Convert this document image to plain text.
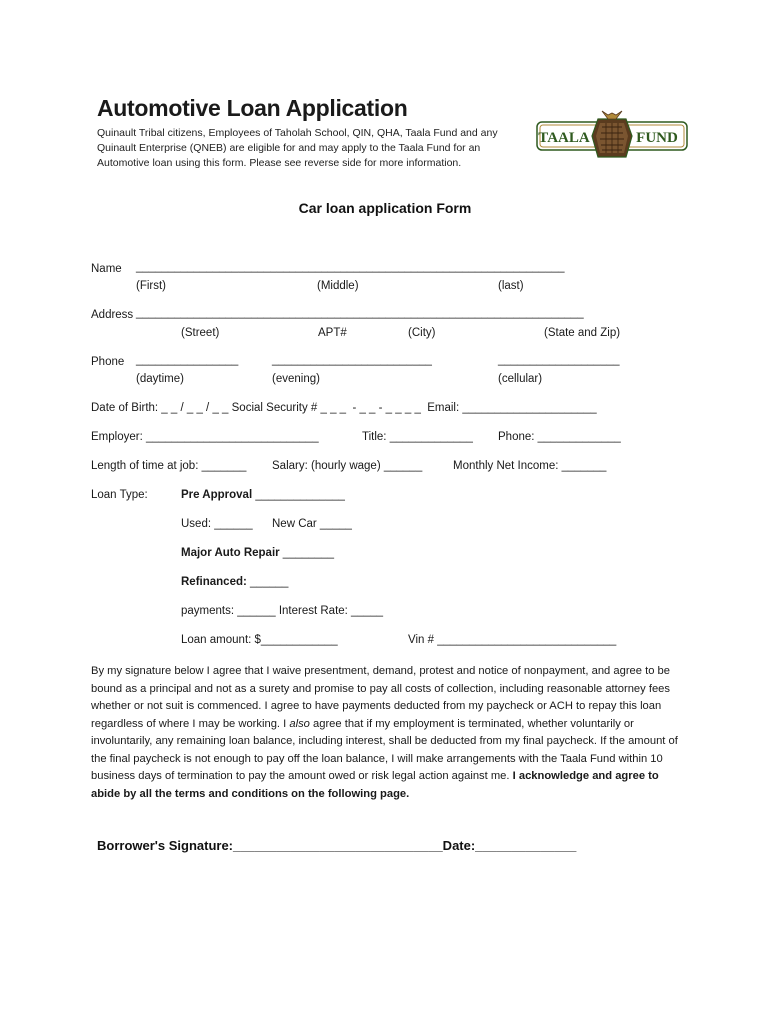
Automotive Loan Application
Quinault Tribal citizens, Employees of Taholah School, QIN, QHA, Taala Fund and any Quinault Enterprise (QNEB) are eligible for and may apply to the Taala Fund for an Automotive loan using this form. Please see reverse side for more information.

TAALA	FUND

Car loan application Form
Name ___________________________________________________________________
(First)	(Middle)	(last)
Address ______________________________________________________________________
(Street)	APT#	(City)	(State and Zip)
Phone ________________	_________________________	___________________
(daytime)	(evening)	(cellular)
Date of Birth: _ _ / _ _ / _ _ Social Security # _ _ _  - _ _ - _ _ _ _  Email: _____________________
Employer: ___________________________	Title: _____________ Phone: _____________
Length of time at job: _______ Salary: (hourly wage) ______	Monthly Net Income: _______
Loan Type:	Pre Approval ______________
Used: ______ New Car _____
Major Auto Repair ________
Refinanced: ______
payments: ______ Interest Rate: _____
Loan amount: $____________	Vin # ____________________________
By my signature below I agree that I waive presentment, demand, protest and notice of nonpayment, and agree to be bound as a principal and not as a surety and promise to pay all costs of collection, including reasonable attorney fees whether or not suit is commenced. I agree to have payments deducted from my paycheck or ACH to repay this loan regardless of where I may be working. I also agree that if my employment is terminated, whether voluntarily or involuntarily, any remaining loan balance, including interest, shall be deducted from my final paycheck. If the amount of the final paycheck is not enough to pay off the loan balance, I will make arrangements with the Taala Fund within 10 business days of termination to pay the amount owed or risk legal action against me. I acknowledge and agree to abide by all the terms and conditions on the following page.
Borrower's Signature:_____________________________Date:______________
